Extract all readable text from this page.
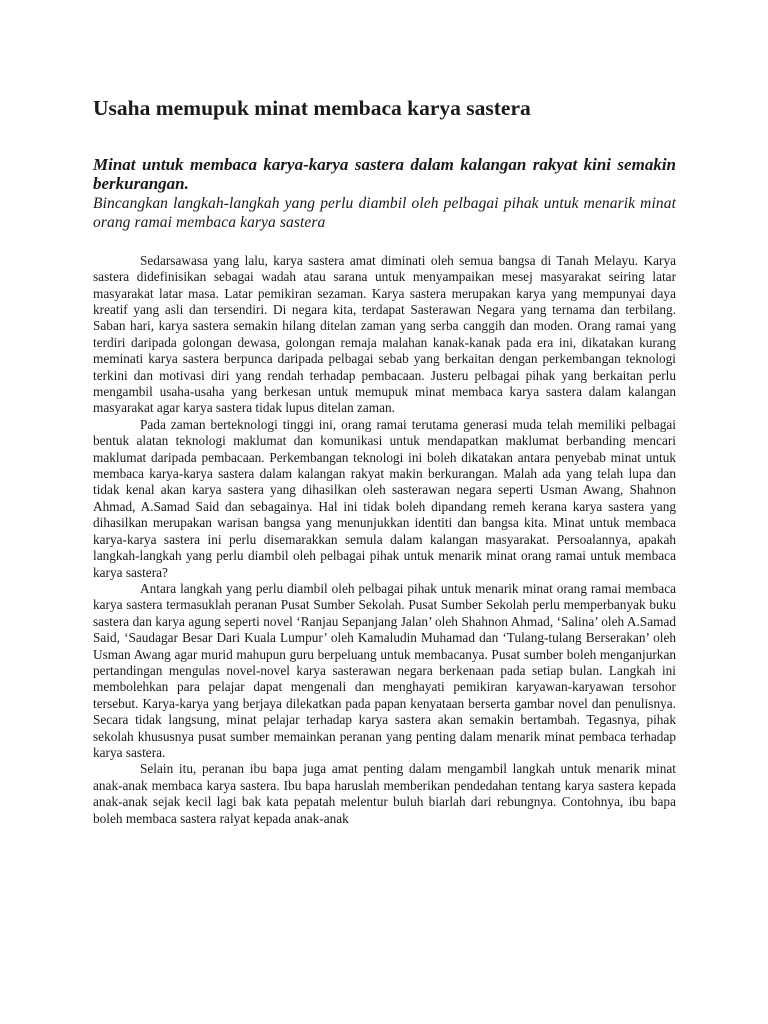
Usaha memupuk minat membaca karya sastera

Minat untuk membaca karya-karya sastera dalam kalangan rakyat kini semakin berkurangan.

Bincangkan langkah-langkah yang perlu diambil oleh pelbagai pihak untuk menarik minat orang ramai membaca karya sastera

Sedarsawasa yang lalu, karya sastera amat diminati oleh semua bangsa di Tanah Melayu. Karya sastera didefinisikan sebagai wadah atau sarana untuk menyampaikan mesej masyarakat seiring latar masyarakat latar masa. Latar pemikiran sezaman. Karya sastera merupakan karya yang mempunyai daya kreatif yang asli dan tersendiri. Di negara kita, terdapat Sasterawan Negara yang ternama dan terbilang. Saban hari, karya sastera semakin hilang ditelan zaman yang serba canggih dan moden. Orang ramai yang terdiri daripada golongan dewasa, golongan remaja malahan kanak-kanak pada era ini, dikatakan kurang meminati karya sastera berpunca daripada pelbagai sebab yang berkaitan dengan perkembangan teknologi terkini dan motivasi diri yang rendah terhadap pembacaan. Justeru pelbagai pihak yang berkaitan perlu mengambil usaha-usaha yang berkesan untuk memupuk minat membaca karya sastera dalam kalangan masyarakat agar karya sastera tidak lupus ditelan zaman.

Pada zaman berteknologi tinggi ini, orang ramai terutama generasi muda telah memiliki pelbagai bentuk alatan teknologi maklumat dan komunikasi untuk mendapatkan maklumat berbanding mencari maklumat daripada pembacaan. Perkembangan teknologi ini boleh dikatakan antara penyebab minat untuk membaca karya-karya sastera dalam kalangan rakyat makin berkurangan. Malah ada yang telah lupa dan tidak kenal akan karya sastera yang dihasilkan oleh sasterawan negara seperti Usman Awang, Shahnon Ahmad, A.Samad Said dan sebagainya. Hal ini tidak boleh dipandang remeh kerana karya sastera yang dihasilkan merupakan warisan bangsa yang menunjukkan identiti dan bangsa kita. Minat untuk membaca karya-karya sastera ini perlu disemarakkan semula dalam kalangan masyarakat. Persoalannya, apakah langkah-langkah yang perlu diambil oleh pelbagai pihak untuk menarik minat orang ramai untuk membaca karya sastera?

Antara langkah yang perlu diambil oleh pelbagai pihak untuk menarik minat orang ramai membaca karya sastera termasuklah peranan Pusat Sumber Sekolah. Pusat Sumber Sekolah perlu memperbanyak buku sastera dan karya agung seperti novel ‘Ranjau Sepanjang Jalan’ oleh Shahnon Ahmad, ‘Salina’ oleh A.Samad Said, ‘Saudagar Besar Dari Kuala Lumpur’ oleh Kamaludin Muhamad dan ‘Tulang-tulang Berserakan’ oleh Usman Awang agar murid mahupun guru berpeluang untuk membacanya. Pusat sumber boleh menganjurkan pertandingan mengulas novel-novel karya sasterawan negara berkenaan pada setiap bulan. Langkah ini membolehkan para pelajar dapat mengenali dan menghayati pemikiran karyawan-karyawan tersohor tersebut. Karya-karya yang berjaya dilekatkan pada papan kenyataan berserta gambar novel dan penulisnya. Secara tidak langsung, minat pelajar terhadap karya sastera akan semakin bertambah. Tegasnya, pihak sekolah khususnya pusat sumber memainkan peranan yang penting dalam menarik minat pembaca terhadap karya sastera.

Selain itu, peranan ibu bapa juga amat penting dalam mengambil langkah untuk menarik minat anak-anak membaca karya sastera. Ibu bapa haruslah memberikan pendedahan tentang karya sastera kepada anak-anak sejak kecil lagi bak kata pepatah melentur buluh biarlah dari rebungnya. Contohnya, ibu bapa boleh membaca sastera ralyat kepada anak-anak
